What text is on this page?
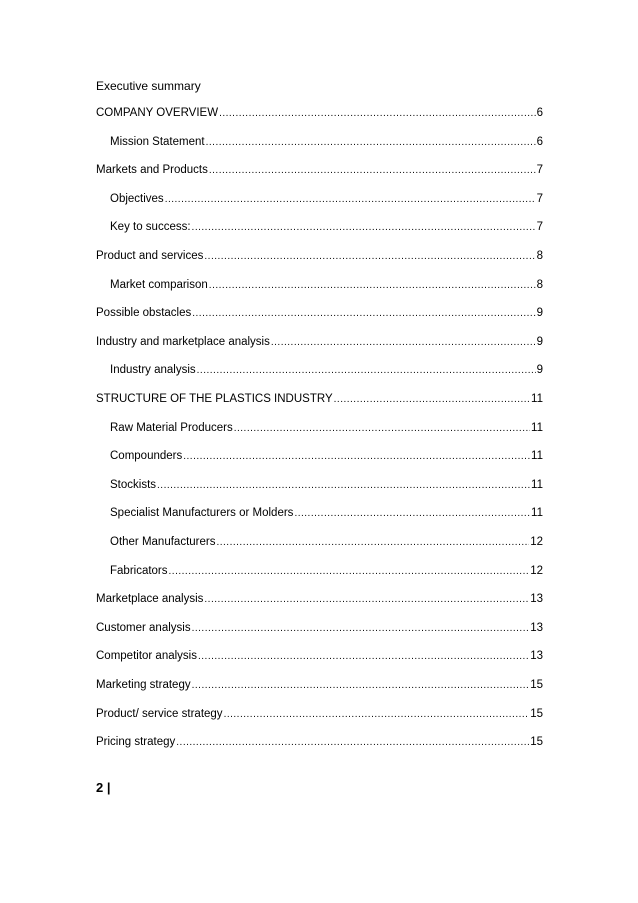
Executive summary
COMPANY OVERVIEW .....	6
Mission Statement .....	6
Markets and Products .....	7
Objectives .....	7
Key to success: .....	7
Product and services .....	8
Market comparison .....	8
Possible obstacles .....	9
Industry and marketplace analysis .....	9
Industry analysis .....	9
STRUCTURE OF THE PLASTICS INDUSTRY .....	11
Raw Material Producers .....	11
Compounders .....	11
Stockists .....	11
Specialist Manufacturers or Molders .....	11
Other Manufacturers .....	12
Fabricators .....	12
Marketplace analysis .....	13
Customer analysis .....	13
Competitor analysis .....	13
Marketing strategy .....	15
Product/ service strategy .....	15
Pricing strategy .....	15
2 |
